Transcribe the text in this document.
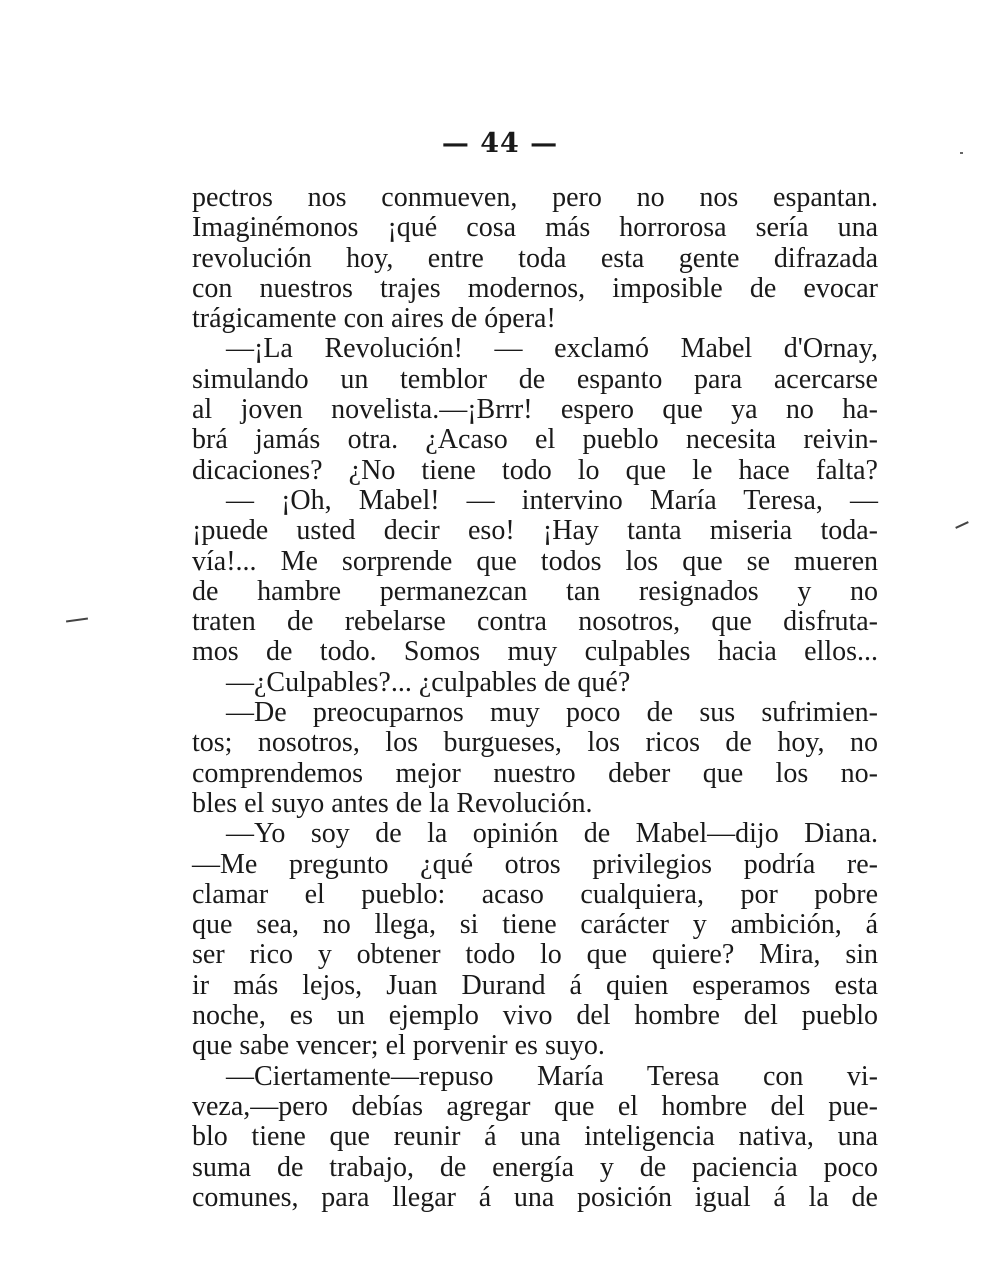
— 44 —
pectros nos conmueven, pero no nos espantan.
Imaginémonos ¡qué cosa más horrorosa sería una
revolución hoy, entre toda esta gente difrazada
con nuestros trajes modernos, imposible de evocar
trágicamente con aires de ópera!
—¡La Revolución! — exclamó Mabel d'Ornay,
simulando un temblor de espanto para acercarse
al joven novelista.—¡Brrr! espero que ya no ha-
brá jamás otra. ¿Acaso el pueblo necesita reivin-
dicaciones? ¿No tiene todo lo que le hace falta?
— ¡Oh, Mabel! — intervino María Teresa, —
¡puede usted decir eso! ¡Hay tanta miseria toda-
vía!... Me sorprende que todos los que se mueren
de hambre permanezcan tan resignados y no
traten de rebelarse contra nosotros, que disfruta-
mos de todo. Somos muy culpables hacia ellos...
—¿Culpables?... ¿culpables de qué?
—De preocuparnos muy poco de sus sufrimien-
tos; nosotros, los burgueses, los ricos de hoy, no
comprendemos mejor nuestro deber que los no-
bles el suyo antes de la Revolución.
—Yo soy de la opinión de Mabel—dijo Diana.
—Me pregunto ¿qué otros privilegios podría re-
clamar el pueblo: acaso cualquiera, por pobre
que sea, no llega, si tiene carácter y ambición, á
ser rico y obtener todo lo que quiere? Mira, sin
ir más lejos, Juan Durand á quien esperamos esta
noche, es un ejemplo vivo del hombre del pueblo
que sabe vencer; el porvenir es suyo.
—Ciertamente—repuso María Teresa con vi-
veza,—pero debías agregar que el hombre del pue-
blo tiene que reunir á una inteligencia nativa, una
suma de trabajo, de energía y de paciencia poco
comunes, para llegar á una posición igual á la de
